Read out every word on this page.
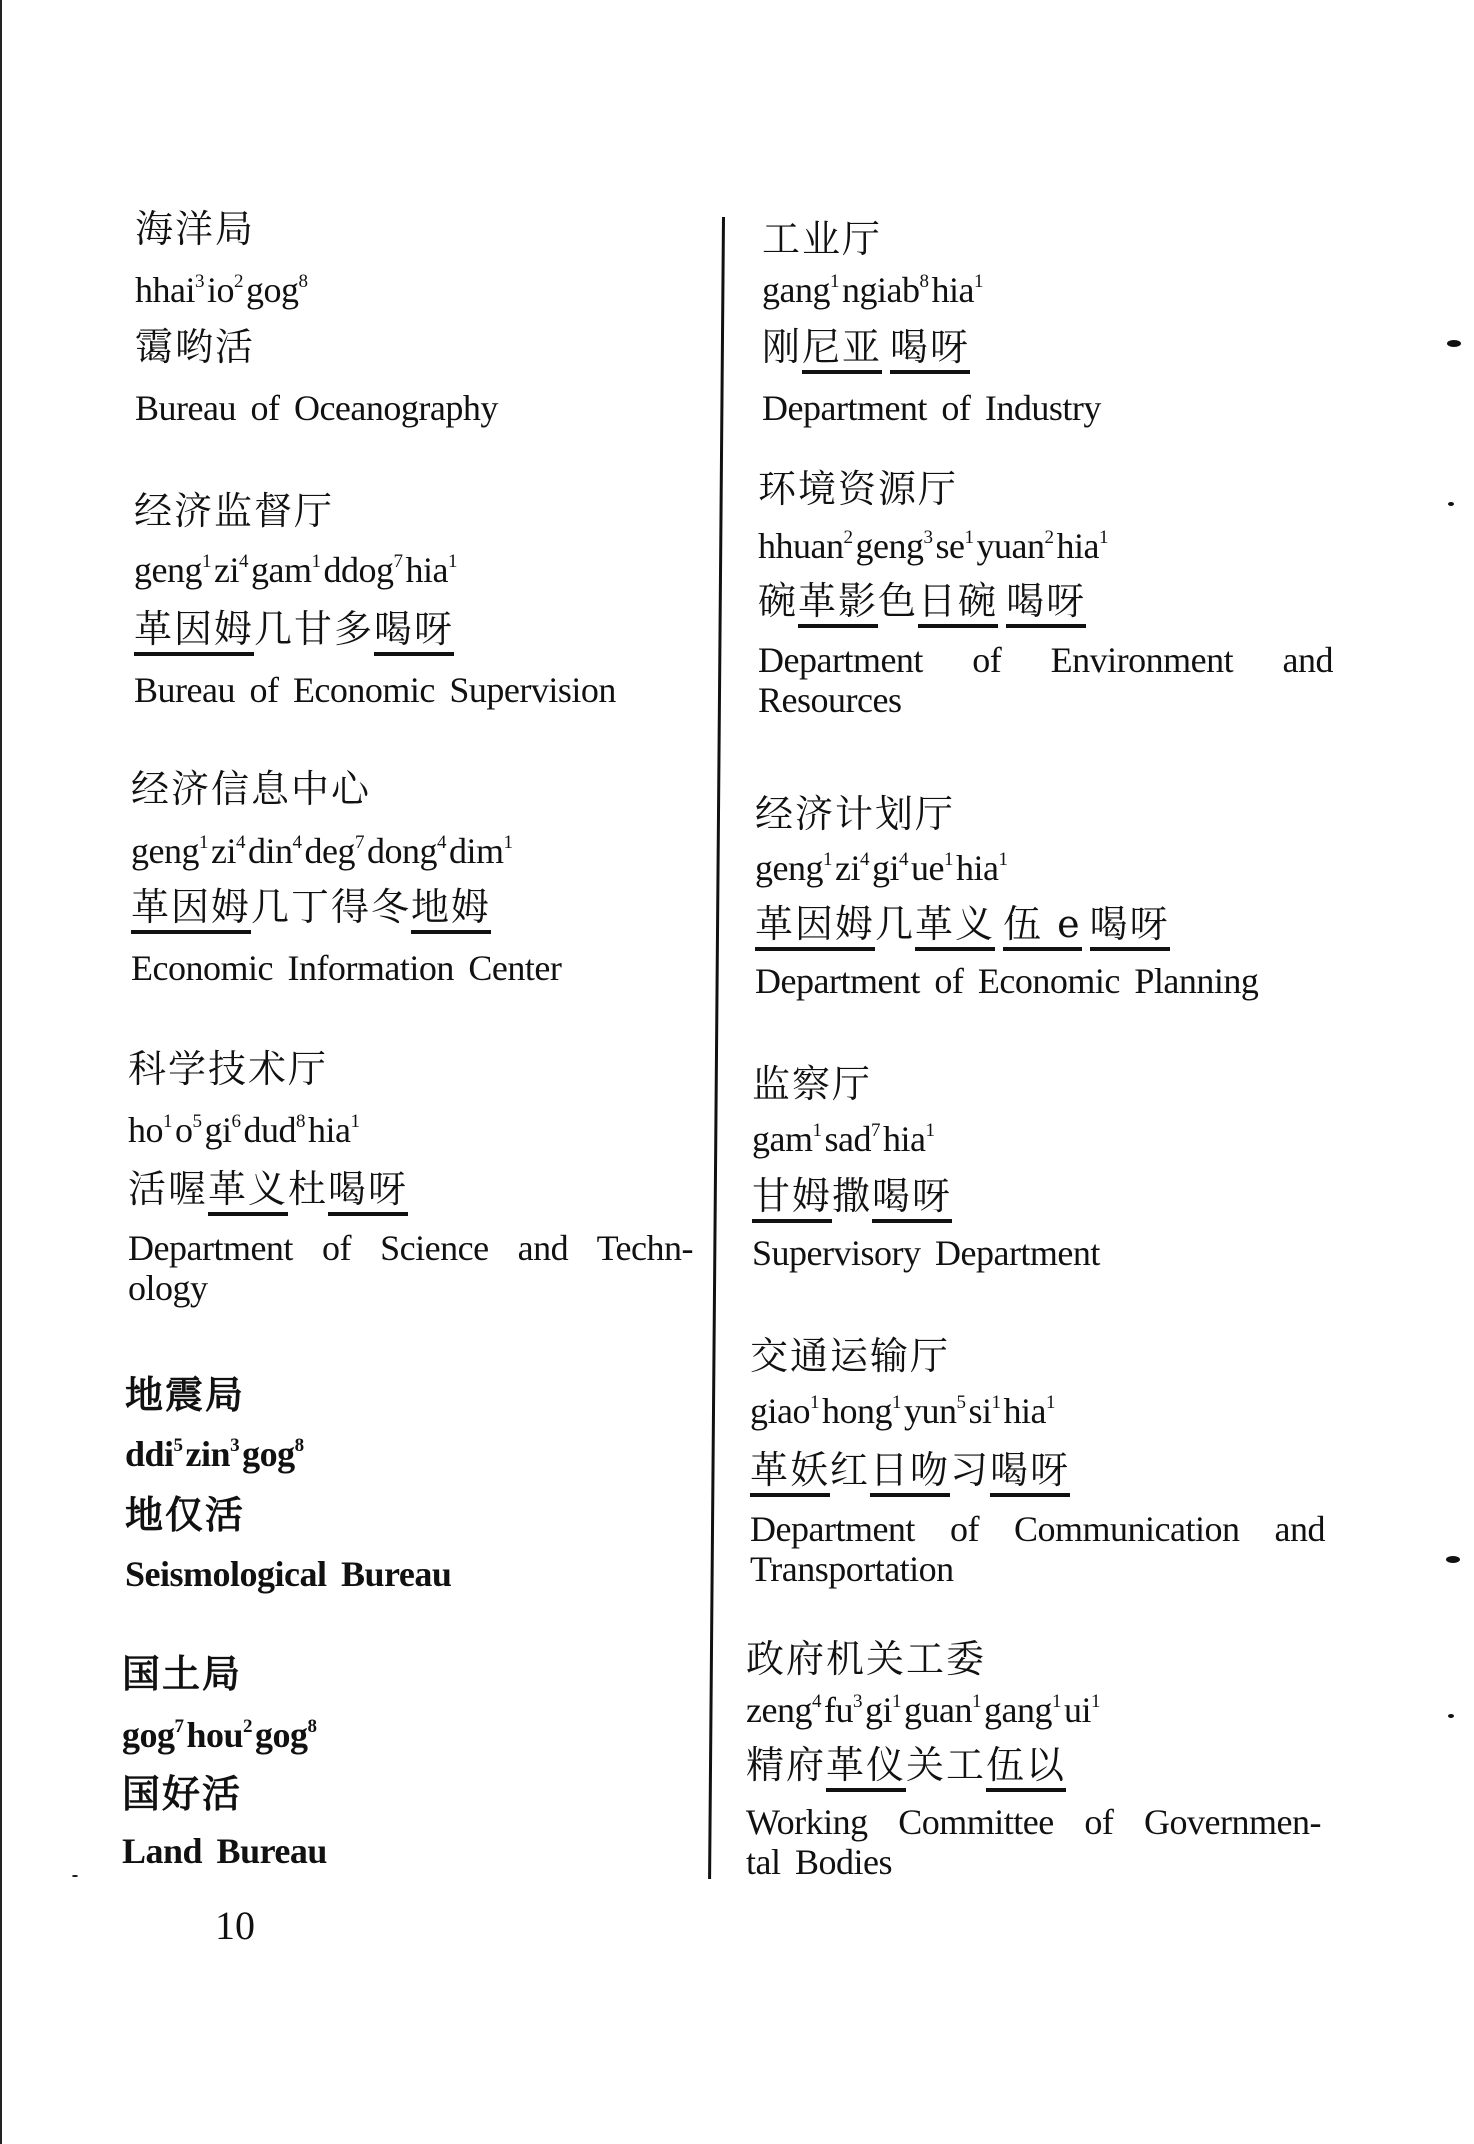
海洋局
$hhai^3io^2gog^8$
霭哟活
Bureau of Oceanography
经济监督厅
$geng^1zi^4gam^1ddog^7hia^1$
革因姆几甘多喝呀
Bureau of Economic Supervision
经济信息中心
$geng^1zi^4din^4deg^7dong^4dim^1$
革因姆几丁得冬地姆
Economic Information Center
科学技术厅
$ho^1o^5gi^6dud^8hia^1$
活喔革义杜喝呀
Department of Science and Techn-
ology
地震局
ddi$^5$zin$^3$gog$^8$
地仅活
Seismological Bureau
国土局
gog$^7$hou$^2$gog$^8$
国好活
Land Bureau
工业厅
gang$^1$ngiab$^8$hia$^1$
刚尼亚 喝呀
Department of Industry
环境资源厅
$hhuan^2geng^3se^1yuan^2hia^1$
碗革影色日碗 喝呀
Department of Environment and
Resources
经济计划厅
$geng^1zi^4gi^4ue^1hia^1$
革因姆几革义 伍 e 喝呀
Department of Economic Planning
监察厅
gam$^1$sad$^7$hia$^1$
甘姆撒喝呀
Supervisory Department
交通运输厅
$giao^1hong^1yun^5si^1hia^1$
革妖红日吻习喝呀
Department of Communication and
Transportation
政府机关工委
$zeng^4fu^3gi^1guan^1gang^1ui^1$
精府革仪关工伍以
Working Committee of Governmen-
tal Bodies
10
